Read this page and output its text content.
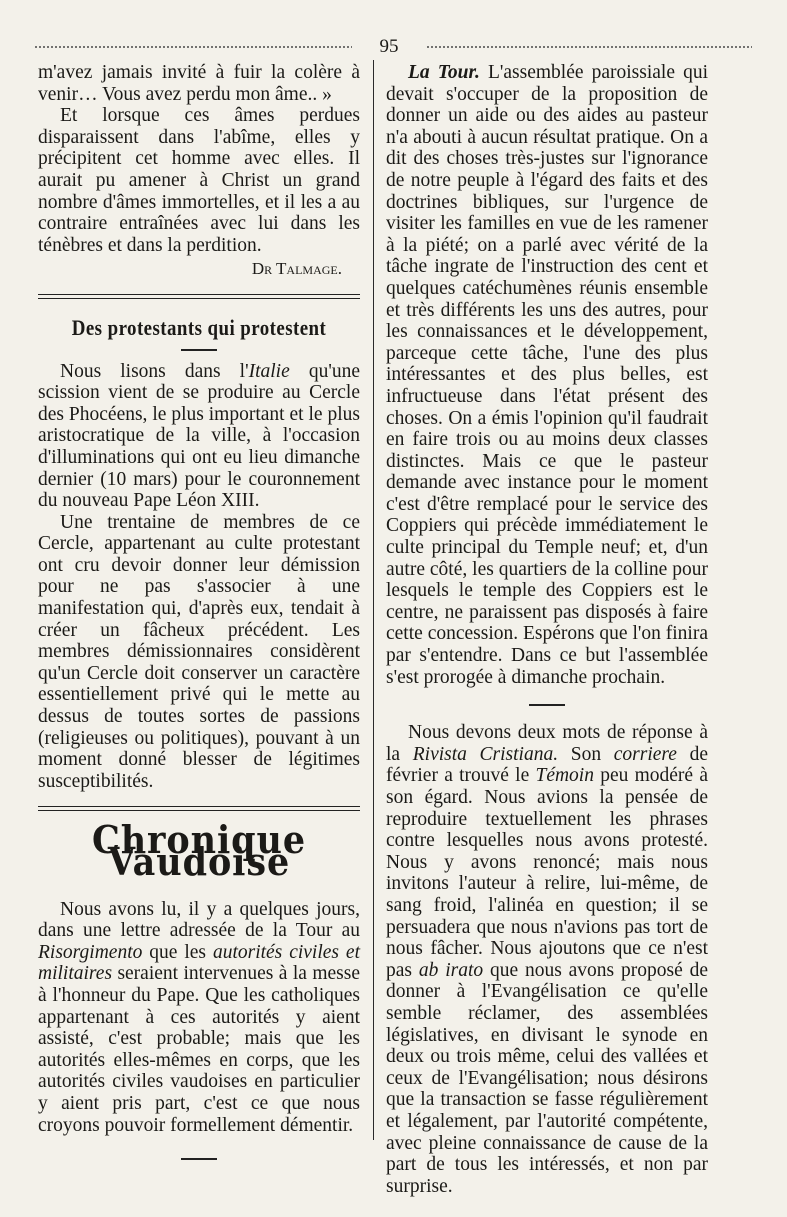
95

m'avez jamais invité à fuir la colère à venir… Vous avez perdu mon âme.. »

Et lorsque ces âmes perdues disparaissent dans l'abîme, elles y précipitent cet homme avec elles. Il aurait pu amener à Christ un grand nombre d'âmes immortelles, et il les a au contraire entraînées avec lui dans les ténèbres et dans la perdition.

Dr Talmage.

Des protestants qui protestent

Nous lisons dans l'Italie qu'une scission vient de se produire au Cercle des Phocéens, le plus important et le plus aristocratique de la ville, à l'occasion d'illuminations qui ont eu lieu dimanche dernier (10 mars) pour le couronnement du nouveau Pape Léon XIII.

Une trentaine de membres de ce Cercle, appartenant au culte protestant ont cru devoir donner leur démission pour ne pas s'associer à une manifestation qui, d'après eux, tendait à créer un fâcheux précédent. Les membres démissionnaires considèrent qu'un Cercle doit conserver un caractère essentiellement privé qui le mette au dessus de toutes sortes de passions (religieuses ou politiques), pouvant à un moment donné blesser de légitimes susceptibilités.

Chronique Vaudoise

Nous avons lu, il y a quelques jours, dans une lettre adressée de la Tour au Risorgimento que les autorités civiles et militaires seraient intervenues à la messe à l'honneur du Pape. Que les catholiques appartenant à ces autorités y aient assisté, c'est probable; mais que les autorités elles-mêmes en corps, que les autorités civiles vaudoises en particulier y aient pris part, c'est ce que nous croyons pouvoir formellement démentir.

La Tour. L'assemblée paroissiale qui devait s'occuper de la proposition de donner un aide ou des aides au pasteur n'a abouti à aucun résultat pratique. On a dit des choses très-justes sur l'ignorance de notre peuple à l'égard des faits et des doctrines bibliques, sur l'urgence de visiter les familles en vue de les ramener à la piété; on a parlé avec vérité de la tâche ingrate de l'instruction des cent et quelques catéchumènes réunis ensemble et très différents les uns des autres, pour les connaissances et le développement, parceque cette tâche, l'une des plus intéressantes et des plus belles, est infructueuse dans l'état présent des choses. On a émis l'opinion qu'il faudrait en faire trois ou au moins deux classes distinctes. Mais ce que le pasteur demande avec instance pour le moment c'est d'être remplacé pour le service des Coppiers qui précède immédiatement le culte principal du Temple neuf; et, d'un autre côté, les quartiers de la colline pour lesquels le temple des Coppiers est le centre, ne paraissent pas disposés à faire cette concession. Espérons que l'on finira par s'entendre. Dans ce but l'assemblée s'est prorogée à dimanche prochain.

Nous devons deux mots de réponse à la Rivista Cristiana. Son corriere de février a trouvé le Témoin peu modéré à son égard. Nous avions la pensée de reproduire textuellement les phrases contre lesquelles nous avons protesté. Nous y avons renoncé; mais nous invitons l'auteur à relire, lui-même, de sang froid, l'alinéa en question; il se persuadera que nous n'avions pas tort de nous fâcher. Nous ajoutons que ce n'est pas ab irato que nous avons proposé de donner à l'Evangélisation ce qu'elle semble réclamer, des assemblées législatives, en divisant le synode en deux ou trois même, celui des vallées et ceux de l'Evangélisation; nous désirons que la transaction se fasse régulièrement et légalement, par l'autorité compétente, avec pleine connaissance de cause de la part de tous les intéressés, et non par surprise.
